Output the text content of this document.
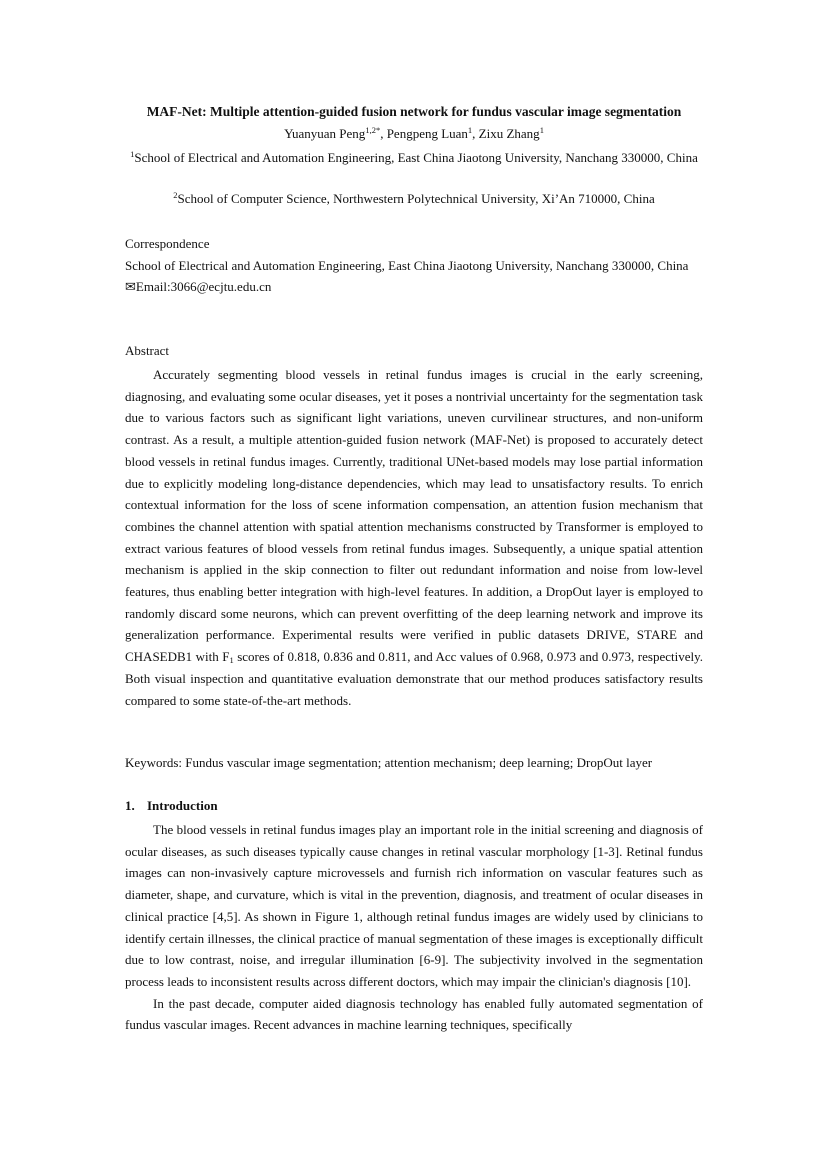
MAF-Net: Multiple attention-guided fusion network for fundus vascular image segmentation
Yuanyuan Peng$^{1,2*}$, Pengpeng Luan$^1$, Zixu Zhang$^1$
$^1$School of Electrical and Automation Engineering, East China Jiaotong University, Nanchang 330000, China
$^2$School of Computer Science, Northwestern Polytechnical University, Xi’An 710000, China
Correspondence
School of Electrical and Automation Engineering, East China Jiaotong University, Nanchang 330000, China
✉Email:3066@ecjtu.edu.cn
Abstract

Accurately segmenting blood vessels in retinal fundus images is crucial in the early screening, diagnosing, and evaluating some ocular diseases, yet it poses a nontrivial uncertainty for the segmentation task due to various factors such as significant light variations, uneven curvilinear structures, and non-uniform contrast. As a result, a multiple attention-guided fusion network (MAF-Net) is proposed to accurately detect blood vessels in retinal fundus images. Currently, traditional UNet-based models may lose partial information due to explicitly modeling long-distance dependencies, which may lead to unsatisfactory results. To enrich contextual information for the loss of scene information compensation, an attention fusion mechanism that combines the channel attention with spatial attention mechanisms constructed by Transformer is employed to extract various features of blood vessels from retinal fundus images. Subsequently, a unique spatial attention mechanism is applied in the skip connection to filter out redundant information and noise from low-level features, thus enabling better integration with high-level features. In addition, a DropOut layer is employed to randomly discard some neurons, which can prevent overfitting of the deep learning network and improve its generalization performance. Experimental results were verified in public datasets DRIVE, STARE and CHASEDB1 with $F_1$ scores of 0.818, 0.836 and 0.811, and Acc values of 0.968, 0.973 and 0.973, respectively. Both visual inspection and quantitative evaluation demonstrate that our method produces satisfactory results compared to some state-of-the-art methods.

Keywords: Fundus vascular image segmentation; attention mechanism; deep learning; DropOut layer
1. Introduction

The blood vessels in retinal fundus images play an important role in the initial screening and diagnosis of ocular diseases, as such diseases typically cause changes in retinal vascular morphology [1-3]. Retinal fundus images can non-invasively capture microvessels and furnish rich information on vascular features such as diameter, shape, and curvature, which is vital in the prevention, diagnosis, and treatment of ocular diseases in clinical practice [4,5]. As shown in Figure 1, although retinal fundus images are widely used by clinicians to identify certain illnesses, the clinical practice of manual segmentation of these images is exceptionally difficult due to low contrast, noise, and irregular illumination [6-9]. The subjectivity involved in the segmentation process leads to inconsistent results across different doctors, which may impair the clinician's diagnosis [10].

In the past decade, computer aided diagnosis technology has enabled fully automated segmentation of fundus vascular images. Recent advances in machine learning techniques, specifically
